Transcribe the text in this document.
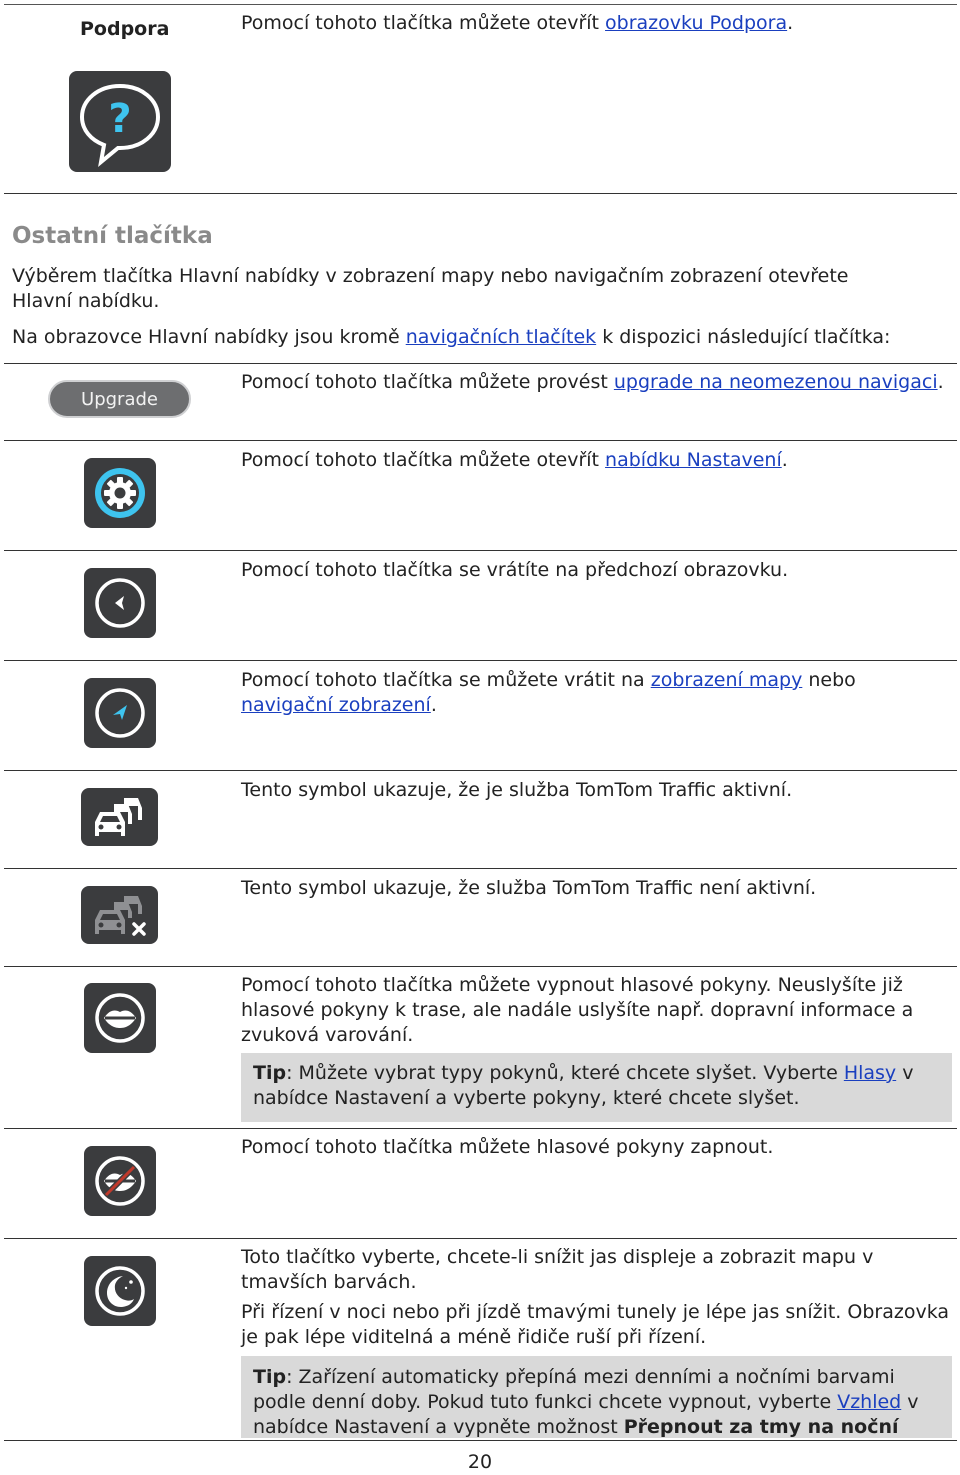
Podpora	Pomocí tohoto tlačítka můžete otevřít obrazovku Podpora.
?
Ostatní tlačítka
Výběrem tlačítka Hlavní nabídky v zobrazení mapy nebo navigačním zobrazení otevřete Hlavní nabídku.
Na obrazovce Hlavní nabídky jsou kromě navigačních tlačítek k dispozici následující tlačítka:
Upgrade
Pomocí tohoto tlačítka můžete provést upgrade na neomezenou navigaci.
Pomocí tohoto tlačítka můžete otevřít nabídku Nastavení.
Pomocí tohoto tlačítka se vrátíte na předchozí obrazovku.
Pomocí tohoto tlačítka se můžete vrátit na zobrazení mapy nebo navigační zobrazení.
Tento symbol ukazuje, že je služba TomTom Traffic aktivní.
Tento symbol ukazuje, že služba TomTom Traffic není aktivní.
Pomocí tohoto tlačítka můžete vypnout hlasové pokyny. Neuslyšíte již hlasové pokyny k trase, ale nadále uslyšíte např. dopravní informace a zvuková varování.
Tip: Můžete vybrat typy pokynů, které chcete slyšet. Vyberte Hlasy v nabídce Nastavení a vyberte pokyny, které chcete slyšet.
Pomocí tohoto tlačítka můžete hlasové pokyny zapnout.
Toto tlačítko vyberte, chcete-li snížit jas displeje a zobrazit mapu v tmavších barvách.
Při řízení v noci nebo při jízdě tmavými tunely je lépe jas snížit. Obrazovka je pak lépe viditelná a méně řidiče ruší při řízení.
Tip: Zařízení automaticky přepíná mezi denními a nočními barvami podle denní doby. Pokud tuto funkci chcete vypnout, vyberte Vzhled v nabídce Nastavení a vypněte možnost Přepnout za tmy na noční
20
